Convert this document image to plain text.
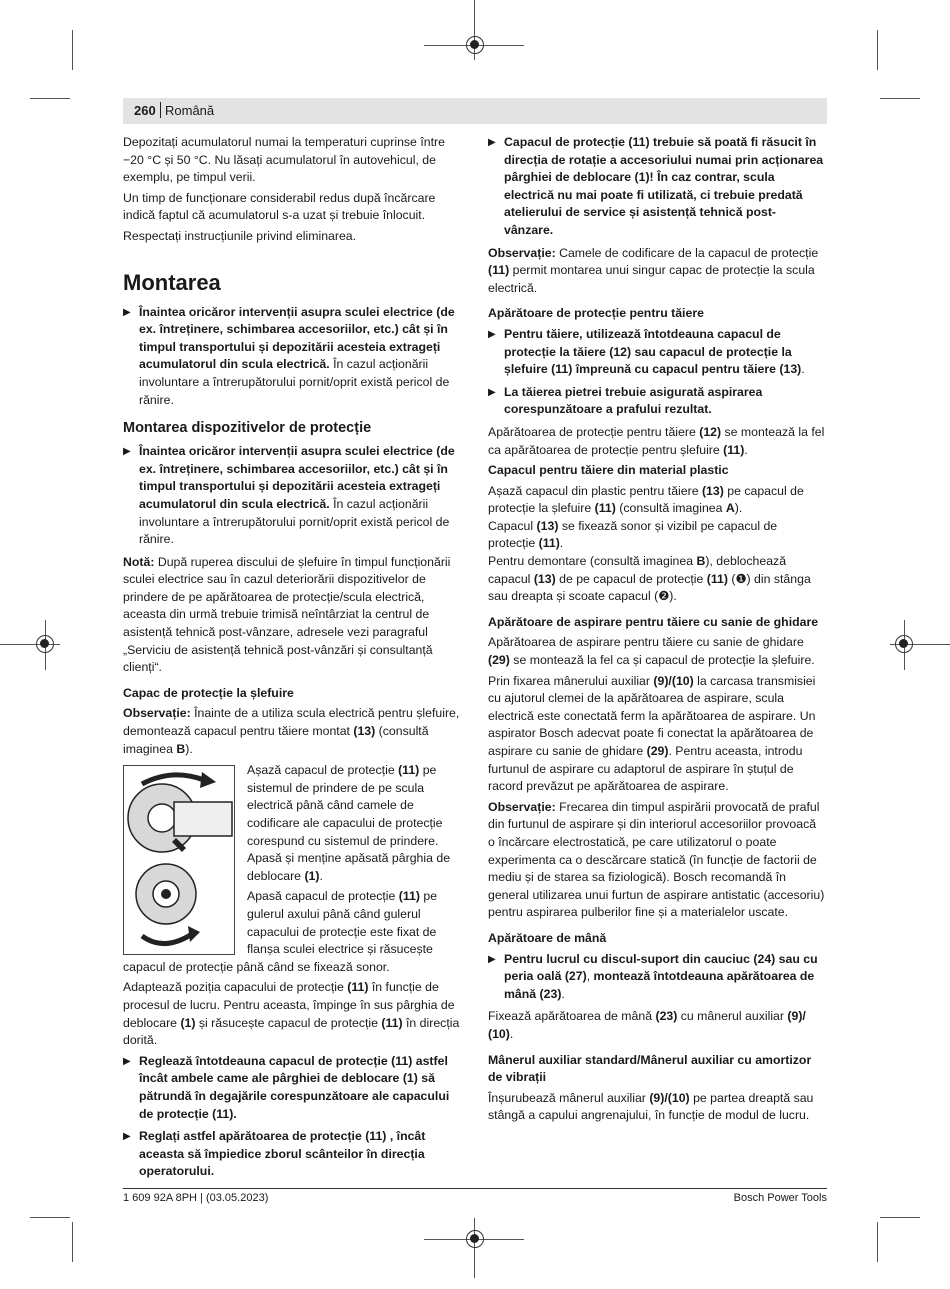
260 Română

Depozitați acumulatorul numai la temperaturi cuprinse între −20 °C și 50 °C. Nu lăsați acumulatorul în autovehicul, de exemplu, pe timpul verii.

Un timp de funcționare considerabil redus după încărcare indică faptul că acumulatorul s-a uzat și trebuie înlocuit.

Respectați instrucțiunile privind eliminarea.

Montarea
▶ Înaintea oricăror intervenții asupra sculei electrice (de ex. întreținere, schimbarea accesoriilor, etc.) cât și în timpul transportului și depozitării acesteia extrageți acumulatorul din scula electrică. În cazul acționării involuntare a întrerupătorului pornit/oprit există pericol de rănire.
Montarea dispozitivelor de protecție
▶ Înaintea oricăror intervenții asupra sculei electrice (de ex. întreținere, schimbarea accesoriilor, etc.) cât și în timpul transportului și depozitării acesteia extrageți acumulatorul din scula electrică. În cazul acționării involuntare a întrerupătorului pornit/oprit există pericol de rănire.

Notă: După ruperea discului de șlefuire în timpul funcționării sculei electrice sau în cazul deteriorării dispozitivelor de prindere de pe apărătoarea de protecție/scula electrică, aceasta din urmă trebuie trimisă neîntârziat la centrul de asistență tehnică post-vânzare, adresele vezi paragraful „Serviciu de asistență tehnică post-vânzări și consultanță clienți“.

Capac de protecție la șlefuire

Observație: Înainte de a utiliza scula electrică pentru șlefuire, demontează capacul pentru tăiere montat (13) (consultă imaginea B).

Așază capacul de protecție (11) pe sistemul de prindere de pe scula electrică până când camele de codificare ale capacului de protecție corespund cu sistemul de prindere. Apasă și menține apăsată pârghia de deblocare (1).

Apasă capacul de protecție (11) pe gulerul axului până când gulerul capacului de protecție este fixat de flanșa sculei electrice și răsucește

capacul de protecție până când se fixează sonor.

Adaptează poziția capacului de protecție (11) în funcție de procesul de lucru. Pentru aceasta, împinge în sus pârghia de deblocare (1) și răsucește capacul de protecție (11) în direcția dorită.

▶ Reglează întotdeauna capacul de protecție (11) astfel încât ambele came ale pârghiei de deblocare (1) să pătrundă în degajările corespunzătoare ale capacului de protecție (11).
▶ Reglați astfel apărătoarea de protecție (11) , încât aceasta să împiedice zborul scânteilor în direcția operatorului.
▶ Capacul de protecție (11) trebuie să poată fi răsucit în direcția de rotație a accesoriului numai prin acționarea pârghiei de deblocare (1)! În caz contrar, scula electrică nu mai poate fi utilizată, ci trebuie predată atelierului de service și asistență tehnică post-vânzare.

Observație: Camele de codificare de la capacul de protecție (11) permit montarea unui singur capac de protecție la scula electrică.

Apărătoare de protecție pentru tăiere
▶ Pentru tăiere, utilizează întotdeauna capacul de protecție la tăiere (12) sau capacul de protecție la șlefuire (11) împreună cu capacul pentru tăiere (13).
▶ La tăierea pietrei trebuie asigurată aspirarea corespunzătoare a prafului rezultat.

Apărătoarea de protecție pentru tăiere (12) se montează la fel ca apărătoarea de protecție pentru șlefuire (11).

Capacul pentru tăiere din material plastic

Așază capacul din plastic pentru tăiere (13) pe capacul de protecție la șlefuire (11) (consultă imaginea A).

Capacul (13) se fixează sonor și vizibil pe capacul de protecție (11).

Pentru demontare (consultă imaginea B), deblochează capacul (13) de pe capacul de protecție (11) (❶) din stânga sau dreapta și scoate capacul (❷).

Apărătoare de aspirare pentru tăiere cu sanie de ghidare

Apărătoarea de aspirare pentru tăiere cu sanie de ghidare (29) se montează la fel ca și capacul de protecție la șlefuire.

Prin fixarea mânerului auxiliar (9)/(10) la carcasa transmisiei cu ajutorul clemei de la apărătoarea de aspirare, scula electrică este conectată ferm la apărătoarea de aspirare. Un aspirator Bosch adecvat poate fi conectat la apărătoarea de aspirare cu sanie de ghidare (29). Pentru aceasta, introdu furtunul de aspirare cu adaptorul de aspirare în ștuțul de racord prevăzut pe apărătoarea de aspirare.

Observație: Frecarea din timpul aspirării provocată de praful din furtunul de aspirare și din interiorul accesoriilor provoacă o încărcare electrostatică, pe care utilizatorul o poate experimenta ca o descărcare statică (în funcție de factorii de mediu și de starea sa fiziologică). Bosch recomandă în general utilizarea unui furtun de aspirare antistatic (accesoriu) pentru aspirarea pulberilor fine și a materialelor uscate.

Apărătoare de mână
▶ Pentru lucrul cu discul-suport din cauciuc (24) sau cu peria oală (27), montează întotdeauna apărătoarea de mână (23).

Fixează apărătoarea de mână (23) cu mânerul auxiliar (9)/ (10).

Mânerul auxiliar standard/Mânerul auxiliar cu amortizor de vibrații

Înșurubează mânerul auxiliar (9)/(10) pe partea dreaptă sau stângă a capului angrenajului, în funcție de modul de lucru.

1 609 92A 8PH | (03.05.2023)	Bosch Power Tools
